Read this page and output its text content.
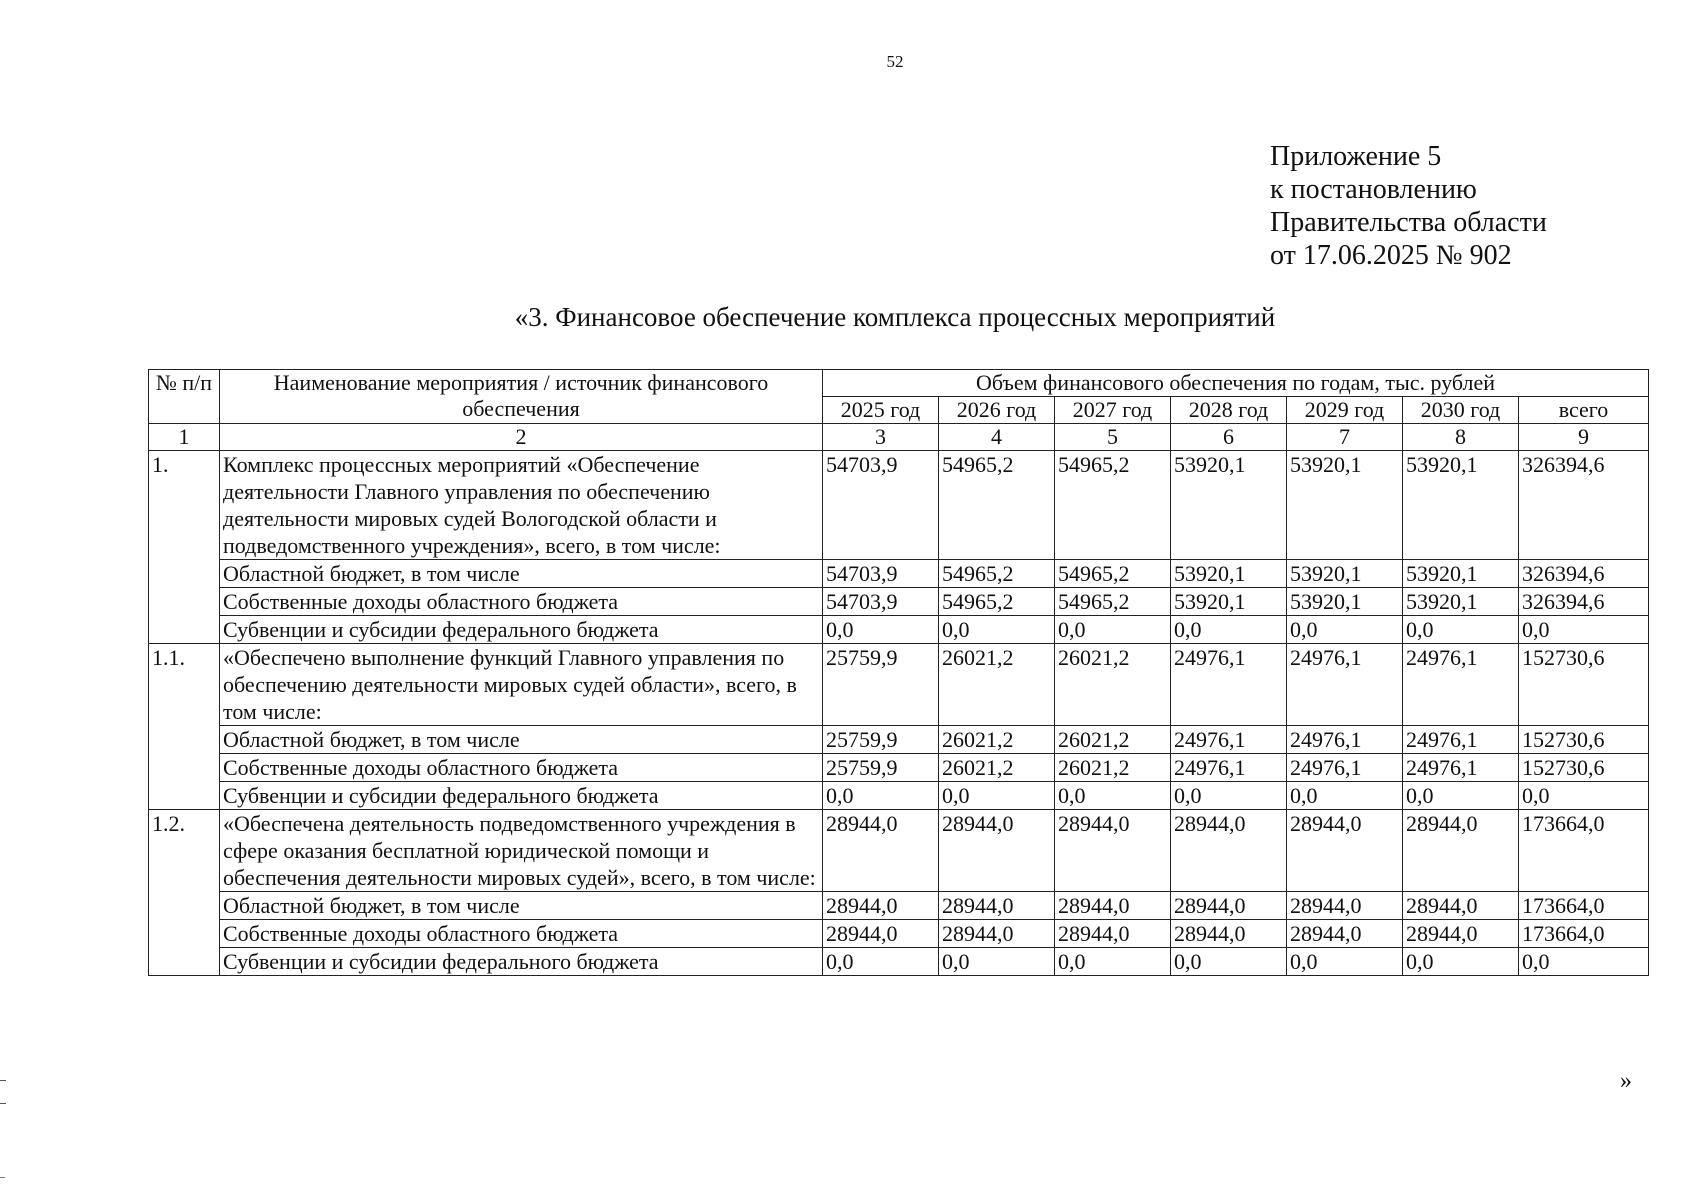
52
Приложение 5
к постановлению
Правительства области
от 17.06.2025 № 902
«3. Финансовое обеспечение комплекса процессных мероприятий
№ п/п	Наименование мероприятия / источник финансового обеспечения	Объем финансового обеспечения по годам, тыс. рублей						
		2025 год	2026 год	2027 год	2028 год	2029 год	2030 год	всего
1	2	3	4	5	6	7	8	9
1.	Комплекс процессных мероприятий «Обеспечение деятельности Главного управления по обеспечению деятельности мировых судей Вологодской области и подведомственного учреждения», всего, в том числе:	54703,9	54965,2	54965,2	53920,1	53920,1	53920,1	326394,6
	Областной бюджет, в том числе	54703,9	54965,2	54965,2	53920,1	53920,1	53920,1	326394,6
	Собственные доходы областного бюджета	54703,9	54965,2	54965,2	53920,1	53920,1	53920,1	326394,6
	Субвенции и субсидии федерального бюджета	0,0	0,0	0,0	0,0	0,0	0,0	0,0
1.1.	«Обеспечено выполнение функций Главного управления по обеспечению деятельности мировых судей области», всего, в том числе:	25759,9	26021,2	26021,2	24976,1	24976,1	24976,1	152730,6
	Областной бюджет, в том числе	25759,9	26021,2	26021,2	24976,1	24976,1	24976,1	152730,6
	Собственные доходы областного бюджета	25759,9	26021,2	26021,2	24976,1	24976,1	24976,1	152730,6
	Субвенции и субсидии федерального бюджета	0,0	0,0	0,0	0,0	0,0	0,0	0,0
1.2.	«Обеспечена деятельность подведомственного учреждения в сфере оказания бесплатной юридической помощи и обеспечения деятельности мировых судей», всего, в том числе:	28944,0	28944,0	28944,0	28944,0	28944,0	28944,0	173664,0
	Областной бюджет, в том числе	28944,0	28944,0	28944,0	28944,0	28944,0	28944,0	173664,0
	Собственные доходы областного бюджета	28944,0	28944,0	28944,0	28944,0	28944,0	28944,0	173664,0
	Субвенции и субсидии федерального бюджета	0,0	0,0	0,0	0,0	0,0	0,0	0,0
»
